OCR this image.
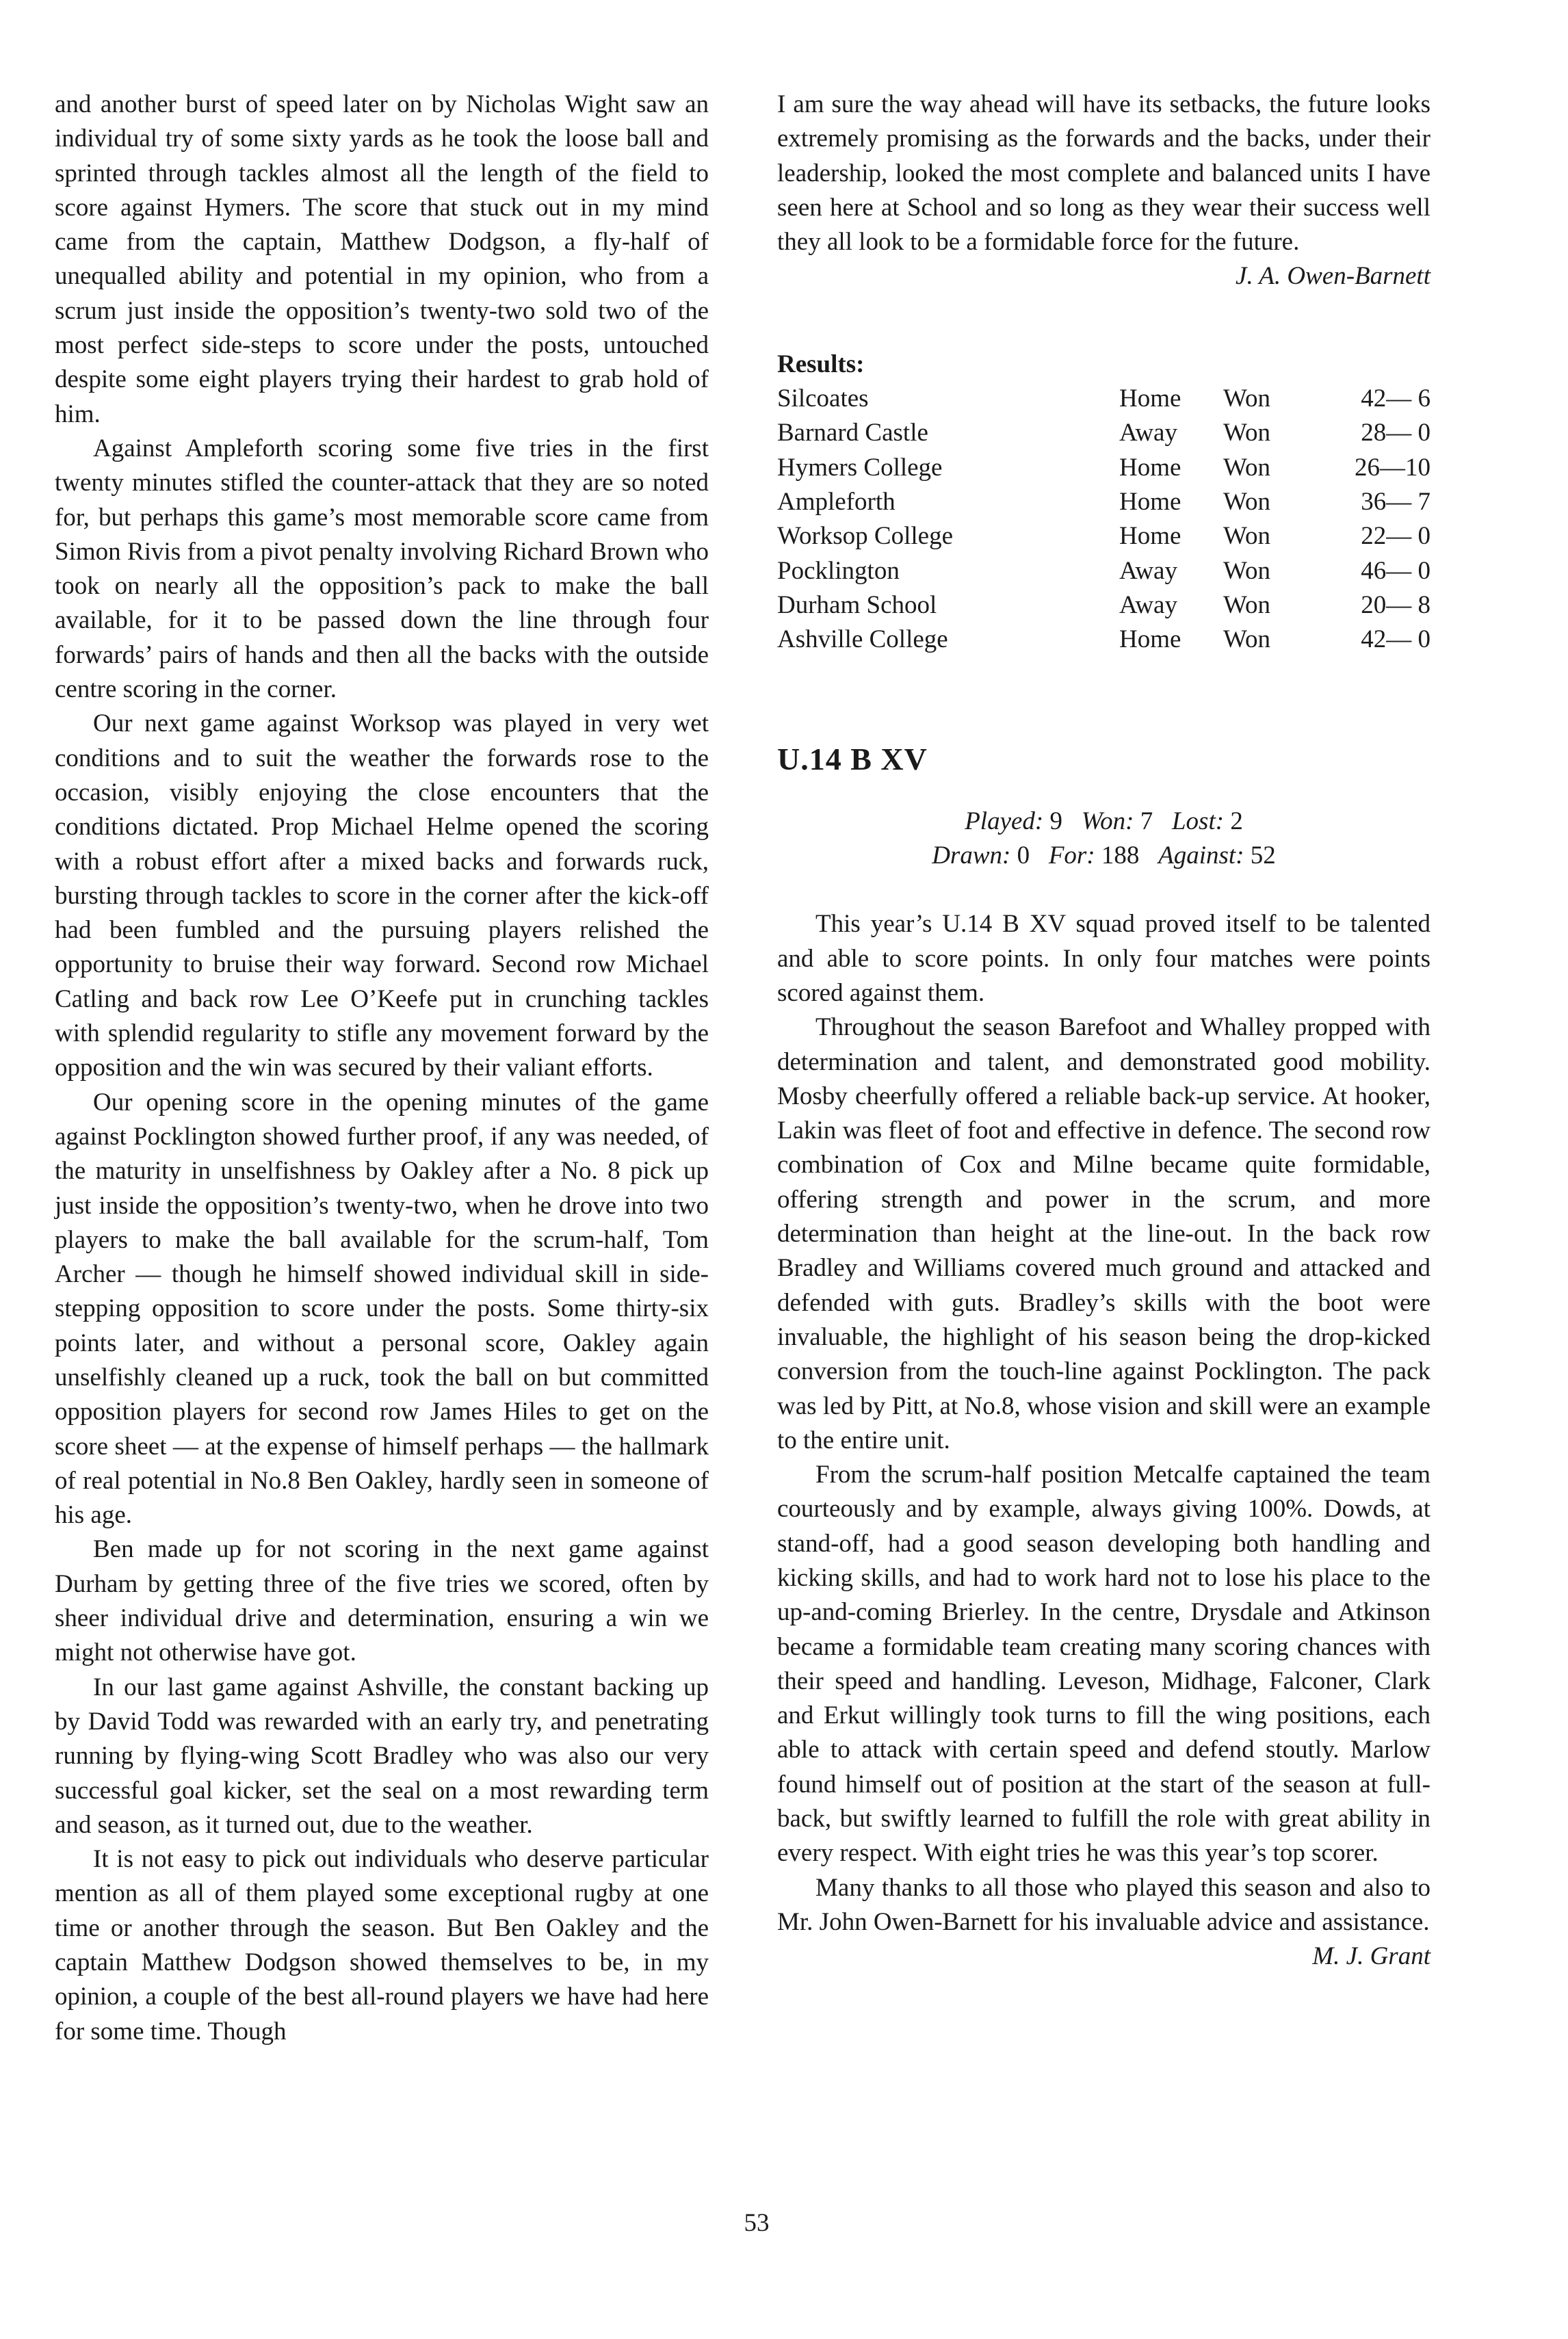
and another burst of speed later on by Nicholas Wight saw an individual try of some sixty yards as he took the loose ball and sprinted through tackles almost all the length of the field to score against Hymers. The score that stuck out in my mind came from the captain, Matthew Dodgson, a fly-half of unequalled ability and potential in my opinion, who from a scrum just inside the opposition’s twenty-two sold two of the most perfect side-steps to score under the posts, untouched despite some eight players trying their hardest to grab hold of him.

Against Ampleforth scoring some five tries in the first twenty minutes stifled the counter-attack that they are so noted for, but perhaps this game’s most memorable score came from Simon Rivis from a pivot penalty involving Richard Brown who took on nearly all the opposition’s pack to make the ball available, for it to be passed down the line through four forwards’ pairs of hands and then all the backs with the outside centre scoring in the corner.

Our next game against Worksop was played in very wet conditions and to suit the weather the forwards rose to the occasion, visibly enjoying the close encounters that the conditions dictated. Prop Michael Helme opened the scoring with a robust effort after a mixed backs and forwards ruck, bursting through tackles to score in the corner after the kick-off had been fumbled and the pursuing players relished the opportunity to bruise their way forward. Second row Michael Catling and back row Lee O’Keefe put in crunching tackles with splendid regularity to stifle any movement forward by the opposition and the win was secured by their valiant efforts.

Our opening score in the opening minutes of the game against Pocklington showed further proof, if any was needed, of the maturity in unselfishness by Oakley after a No. 8 pick up just inside the opposition’s twenty-two, when he drove into two players to make the ball available for the scrum-half, Tom Archer — though he himself showed individual skill in side-stepping opposition to score under the posts. Some thirty-six points later, and without a personal score, Oakley again unselfishly cleaned up a ruck, took the ball on but committed opposition players for second row James Hiles to get on the score sheet — at the expense of himself perhaps — the hallmark of real potential in No.8 Ben Oakley, hardly seen in someone of his age.

Ben made up for not scoring in the next game against Durham by getting three of the five tries we scored, often by sheer individual drive and determination, ensuring a win we might not otherwise have got.

In our last game against Ashville, the constant backing up by David Todd was rewarded with an early try, and penetrating running by flying-wing Scott Bradley who was also our very successful goal kicker, set the seal on a most rewarding term and season, as it turned out, due to the weather.

It is not easy to pick out individuals who deserve particular mention as all of them played some exceptional rugby at one time or another through the season. But Ben Oakley and the captain Matthew Dodgson showed themselves to be, in my opinion, a couple of the best all-round players we have had here for some time. Though

I am sure the way ahead will have its setbacks, the future looks extremely promising as the forwards and the backs, under their leadership, looked the most complete and balanced units I have seen here at School and so long as they wear their success well they all look to be a formidable force for the future.

J. A. Owen-Barnett

Results:

Silcoates	Home	Won	42— 6
Barnard Castle	Away	Won	28— 0
Hymers College	Home	Won	26—10
Ampleforth	Home	Won	36— 7
Worksop College	Home	Won	22— 0
Pocklington	Away	Won	46— 0
Durham School	Away	Won	20— 8
Ashville College	Home	Won	42— 0

U.14 B XV

Played: 9 Won: 7 Lost: 2

Drawn: 0 For: 188 Against: 52

This year’s U.14 B XV squad proved itself to be talented and able to score points. In only four matches were points scored against them.

Throughout the season Barefoot and Whalley propped with determination and talent, and demonstrated good mobility. Mosby cheerfully offered a reliable back-up service. At hooker, Lakin was fleet of foot and effective in defence. The second row combination of Cox and Milne became quite formidable, offering strength and power in the scrum, and more determination than height at the line-out. In the back row Bradley and Williams covered much ground and attacked and defended with guts. Bradley’s skills with the boot were invaluable, the highlight of his season being the drop-kicked conversion from the touch-line against Pocklington. The pack was led by Pitt, at No.8, whose vision and skill were an example to the entire unit.

From the scrum-half position Metcalfe captained the team courteously and by example, always giving 100%. Dowds, at stand-off, had a good season developing both handling and kicking skills, and had to work hard not to lose his place to the up-and-coming Brierley. In the centre, Drysdale and Atkinson became a formidable team creating many scoring chances with their speed and handling. Leveson, Midhage, Falconer, Clark and Erkut willingly took turns to fill the wing positions, each able to attack with certain speed and defend stoutly. Marlow found himself out of position at the start of the season at full-back, but swiftly learned to fulfill the role with great ability in every respect. With eight tries he was this year’s top scorer.

Many thanks to all those who played this season and also to Mr. John Owen-Barnett for his invaluable advice and assistance.

M. J. Grant

53
